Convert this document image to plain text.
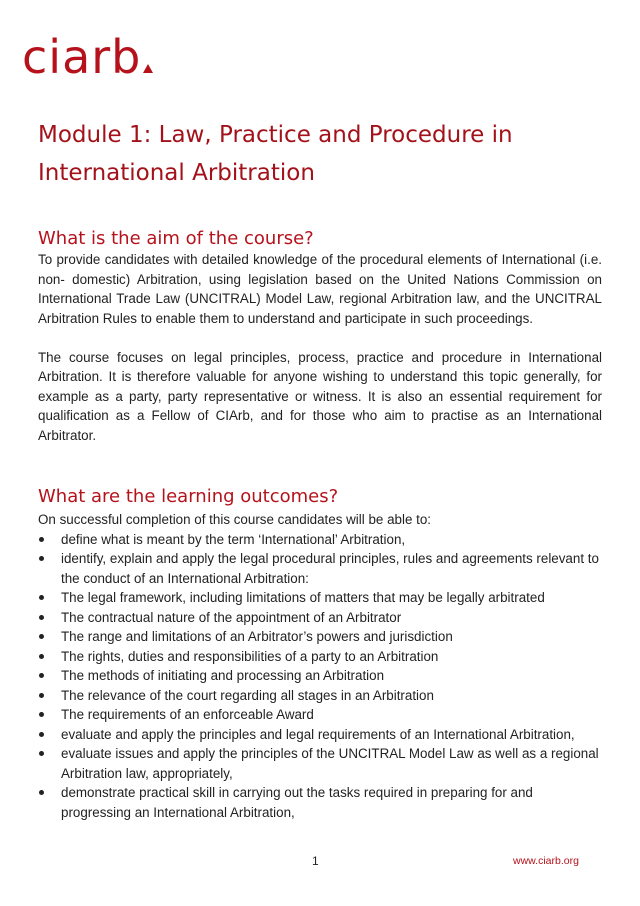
ciarb
Module 1: Law, Practice and Procedure in International Arbitration
What is the aim of the course?

To provide candidates with detailed knowledge of the procedural elements of International (i.e. non- domestic) Arbitration, using legislation based on the United Nations Commission on International Trade Law (UNCITRAL) Model Law, regional Arbitration law, and the UNCITRAL Arbitration Rules to enable them to understand and participate in such proceedings.

The course focuses on legal principles, process, practice and procedure in International Arbitration. It is therefore valuable for anyone wishing to understand this topic generally, for example as a party, party representative or witness. It is also an essential requirement for qualification as a Fellow of CIArb, and for those who aim to practise as an International Arbitrator.

What are the learning outcomes?

On successful completion of this course candidates will be able to:

define what is meant by the term ‘International’ Arbitration,
identify, explain and apply the legal procedural principles, rules and agreements relevant to the conduct of an International Arbitration:
The legal framework, including limitations of matters that may be legally arbitrated
The contractual nature of the appointment of an Arbitrator
The range and limitations of an Arbitrator’s powers and jurisdiction
The rights, duties and responsibilities of a party to an Arbitration
The methods of initiating and processing an Arbitration
The relevance of the court regarding all stages in an Arbitration
The requirements of an enforceable Award
evaluate and apply the principles and legal requirements of an International Arbitration,
evaluate issues and apply the principles of the UNCITRAL Model Law as well as a regional Arbitration law, appropriately,
demonstrate practical skill in carrying out the tasks required in preparing for and progressing an International Arbitration,
1	www.ciarb.org
